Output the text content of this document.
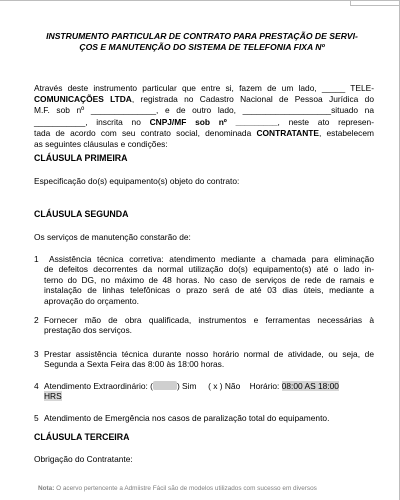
INSTRUMENTO PARTICULAR DE CONTRATO PARA PRESTAÇÃO DE SERVI-
ÇOS E MANUTENÇÃO DO SISTEMA DE TELEFONIA FIXA Nº
Através deste instrumento particular que entre si, fazem de um lado, _____ TELE-
COMUNICAÇÕES LTDA, registrada no Cadastro Nacional de Pessoa Jurídica do
M.F. sob nº ______________, e de outro lado, ___________________situado na
___________, inscrita no CNPJ/MF sob nº _________, neste ato represen-
tada de acordo com seu contrato social, denominada CONTRATANTE, estabelecem
as seguintes cláusulas e condições:
CLÁUSULA PRIMEIRA
Especificação do(s) equipamento(s) objeto do contrato:
CLÁUSULA SEGUNDA
Os serviços de manutenção constarão de:
1	Assistência técnica corretiva: atendimento mediante a chamada para eliminação
de defeitos decorrentes da normal utilização do(s) equipamento(s) até o lado in-
terno do DG, no máximo de 48 horas. No caso de serviços de rede de ramais e
instalação de linhas telefônicas o prazo será de até 03 dias úteis, mediante a
aprovação do orçamento.
2 Fornecer mão de obra qualificada, instrumentos e ferramentas necessárias à
prestação dos serviços.
3 Prestar assistência técnica durante nosso horário normal de atividade, ou seja, de
Segunda a Sexta Feira das 8:00 às 18:00 horas.
4 Atendimento Extraordinário: (	) Sim ( x ) Não Horário: 08:00 AS 18:00
HRS
5 Atendimento de Emergência nos casos de paralização total do equipamento.
CLÁUSULA TERCEIRA
Obrigação do Contratante:
Nota: O acervo pertencente a Admiistre Fácil são de modelos utilizados com sucesso em diversos
